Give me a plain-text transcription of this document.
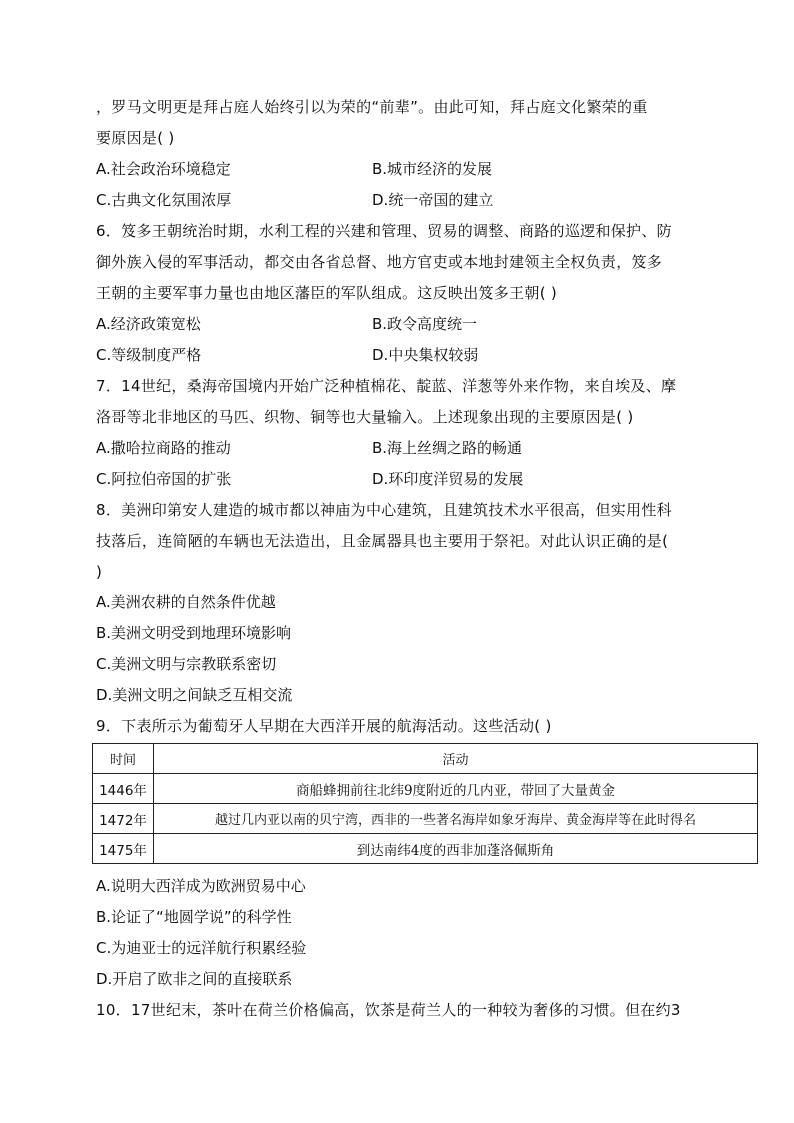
，罗马文明更是拜占庭人始终引以为荣的“前辈”。由此可知，拜占庭文化繁荣的重
要原因是( )
A.社会政治环境稳定	B.城市经济的发展
C.古典文化氛围浓厚	D.统一帝国的建立
6．笈多王朝统治时期，水利工程的兴建和管理、贸易的调整、商路的巡逻和保护、防
御外族入侵的军事活动，都交由各省总督、地方官吏或本地封建领主全权负责，笈多
王朝的主要军事力量也由地区藩臣的军队组成。这反映出笈多王朝( )
A.经济政策宽松	B.政令高度统一
C.等级制度严格	D.中央集权较弱
7．14世纪，桑海帝国境内开始广泛种植棉花、靛蓝、洋葱等外来作物，来自埃及、摩
洛哥等北非地区的马匹、织物、铜等也大量输入。上述现象出现的主要原因是( )
A.撒哈拉商路的推动	B.海上丝绸之路的畅通
C.阿拉伯帝国的扩张	D.环印度洋贸易的发展
8．美洲印第安人建造的城市都以神庙为中心建筑，且建筑技术水平很高，但实用性科
技落后，连简陋的车辆也无法造出，且金属器具也主要用于祭祀。对此认识正确的是(
)
A.美洲农耕的自然条件优越
B.美洲文明受到地理环境影响
C.美洲文明与宗教联系密切
D.美洲文明之间缺乏互相交流
9．下表所示为葡萄牙人早期在大西洋开展的航海活动。这些活动( )
时间	活动
1446年	商船蜂拥前往北纬9度附近的几内亚，带回了大量黄金
1472年	越过几内亚以南的贝宁湾，西非的一些著名海岸如象牙海岸、黄金海岸等在此时得名
1475年	到达南纬4度的西非加蓬洛佩斯角
A.说明大西洋成为欧洲贸易中心
B.论证了“地圆学说”的科学性
C.为迪亚士的远洋航行积累经验
D.开启了欧非之间的直接联系
10．17世纪末，茶叶在荷兰价格偏高，饮茶是荷兰人的一种较为奢侈的习惯。但在约3
